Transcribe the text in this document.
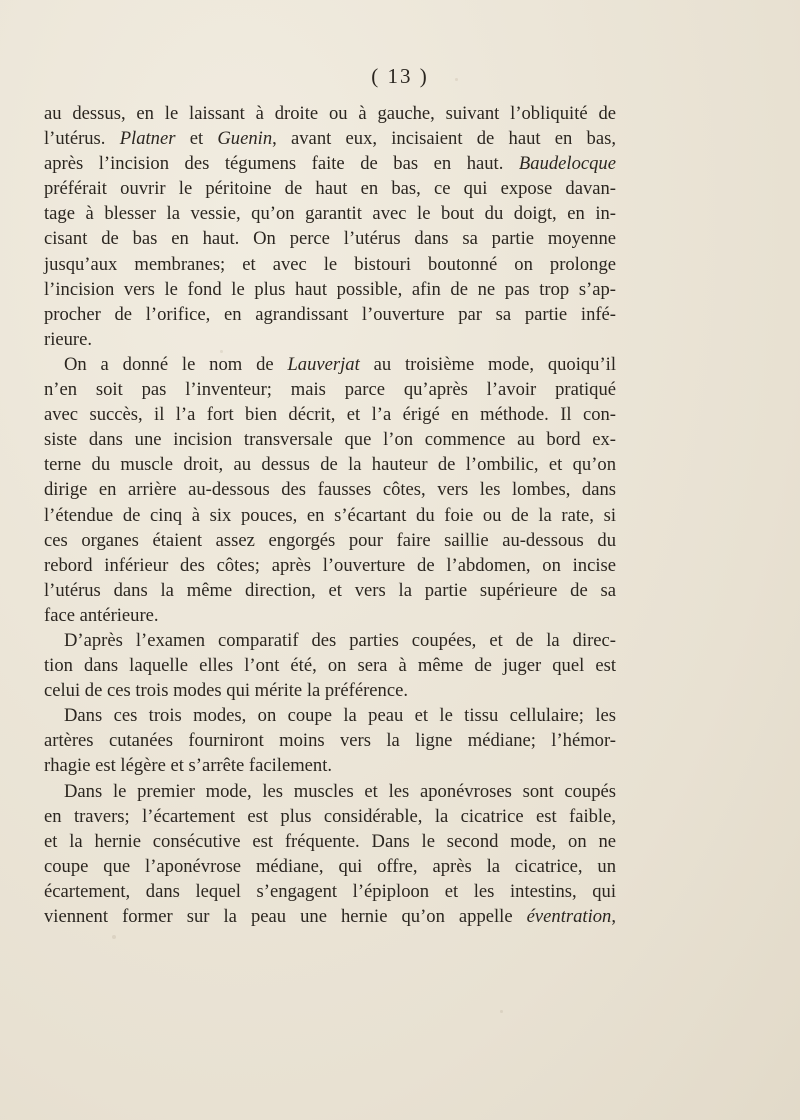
( 13 )
au dessus, en le laissant à droite ou à gauche, suivant l’obliquité de
l’utérus. Platner et Guenin, avant eux, incisaient de haut en bas,
après l’incision des tégumens faite de bas en haut. Baudelocque
préférait ouvrir le péritoine de haut en bas, ce qui expose davan-
tage à blesser la vessie, qu’on garantit avec le bout du doigt, en in-
cisant de bas en haut. On perce l’utérus dans sa partie moyenne
jusqu’aux membranes; et avec le bistouri boutonné on prolonge
l’incision vers le fond le plus haut possible, afin de ne pas trop s’ap-
procher de l’orifice, en agrandissant l’ouverture par sa partie infé-
rieure.
On a donné le nom de Lauverjat au troisième mode, quoiqu’il
n’en soit pas l’inventeur; mais parce qu’après l’avoir pratiqué
avec succès, il l’a fort bien décrit, et l’a érigé en méthode. Il con-
siste dans une incision transversale que l’on commence au bord ex-
terne du muscle droit, au dessus de la hauteur de l’ombilic, et qu’on
dirige en arrière au-dessous des fausses côtes, vers les lombes, dans
l’étendue de cinq à six pouces, en s’écartant du foie ou de la rate, si
ces organes étaient assez engorgés pour faire saillie au-dessous du
rebord inférieur des côtes; après l’ouverture de l’abdomen, on incise
l’utérus dans la même direction, et vers la partie supérieure de sa
face antérieure.
D’après l’examen comparatif des parties coupées, et de la direc-
tion dans laquelle elles l’ont été, on sera à même de juger quel est
celui de ces trois modes qui mérite la préférence.
Dans ces trois modes, on coupe la peau et le tissu cellulaire; les
artères cutanées fourniront moins vers la ligne médiane; l’hémor-
rhagie est légère et s’arrête facilement.
Dans le premier mode, les muscles et les aponévroses sont coupés
en travers; l’écartement est plus considérable, la cicatrice est faible,
et la hernie consécutive est fréquente. Dans le second mode, on ne
coupe que l’aponévrose médiane, qui offre, après la cicatrice, un
écartement, dans lequel s’engagent l’épiploon et les intestins, qui
viennent former sur la peau une hernie qu’on appelle éventration,
